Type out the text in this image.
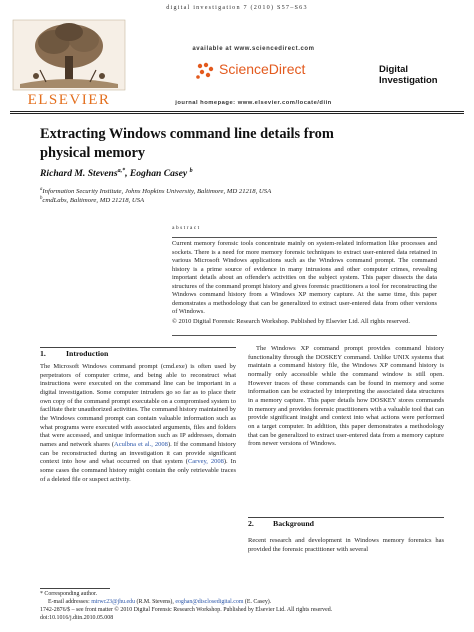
digital investigation 7 (2010) S57–S63
ELSEVIER
available at www.sciencedirect.com
ScienceDirect
journal homepage: www.elsevier.com/locate/diin
Digital
Investigation
Extracting Windows command line details from
physical memory
Richard M. Stevens$^{a,*}$, Eoghan Casey $^b$
$^a$Information Security Institute, Johns Hopkins University, Baltimore, MD 21218, USA
$^b$cmdLabs, Baltimore, MD 21218, USA
abstract

Current memory forensic tools concentrate mainly on system-related information like processes and sockets. There is a need for more memory forensic techniques to extract user-entered data retained in various Microsoft Windows applications such as the Windows command prompt. The command history is a prime source of evidence in many intrusions and other computer crimes, revealing important details about an offender's activities on the subject system. This paper dissects the data structures of the command prompt history and gives forensic practitioners a tool for reconstructing the Windows command history from a Windows XP memory capture. At the same time, this paper demonstrates a methodology that can be generalized to extract user-entered data from other versions of Windows.

© 2010 Digital Forensic Research Workshop. Published by Elsevier Ltd. All rights reserved.

1.	Introduction
The Microsoft Windows command prompt (cmd.exe) is often used by perpetrators of computer crime, and being able to reconstruct what instructions were executed on the command line can be important in a digital investigation. Some computer intruders go so far as to place their own copy of the command prompt executable on a compromised system to facilitate their unauthorized activities. The command history maintained by the Windows command prompt can contain valuable information such as what programs were executed with associated arguments, files and folders that were accessed, and unique information such as IP addresses, domain names and network shares (Aculbna et al., 2008). If the command history can be reconstructed during an investigation it can provide significant context into how and what occurred on that system (Carvey, 2008). In some cases the command history might contain the only retrievable traces of a deleted file or suspect activity.

The Windows XP command prompt provides command history functionality through the DOSKEY command. Unlike UNIX systems that maintain a command history file, the Windows XP command history is normally only accessible while the command window is still open. However traces of these commands can be found in memory and some information can be extracted by interpreting the associated data structures in a memory capture. This paper details how DOSKEY stores commands in memory and provides forensic practitioners with a valuable tool that can provide significant insight and context into what actions were performed on a target computer. In addition, this paper demonstrates a methodology that can be generalized to extract user-entered data from a memory capture from newer versions of Windows.

2. Background

Recent research and development in Windows memory forensics has provided the forensic practitioner with several

* Corresponding author.
E-mail addresses: mirwc23@jhu.edu (R.M. Stevens), eoghan@disclosedigital.com (E. Casey).
1742-2876/$ – see front matter © 2010 Digital Forensic Research Workshop. Published by Elsevier Ltd. All rights reserved.
doi:10.1016/j.diin.2010.05.008
